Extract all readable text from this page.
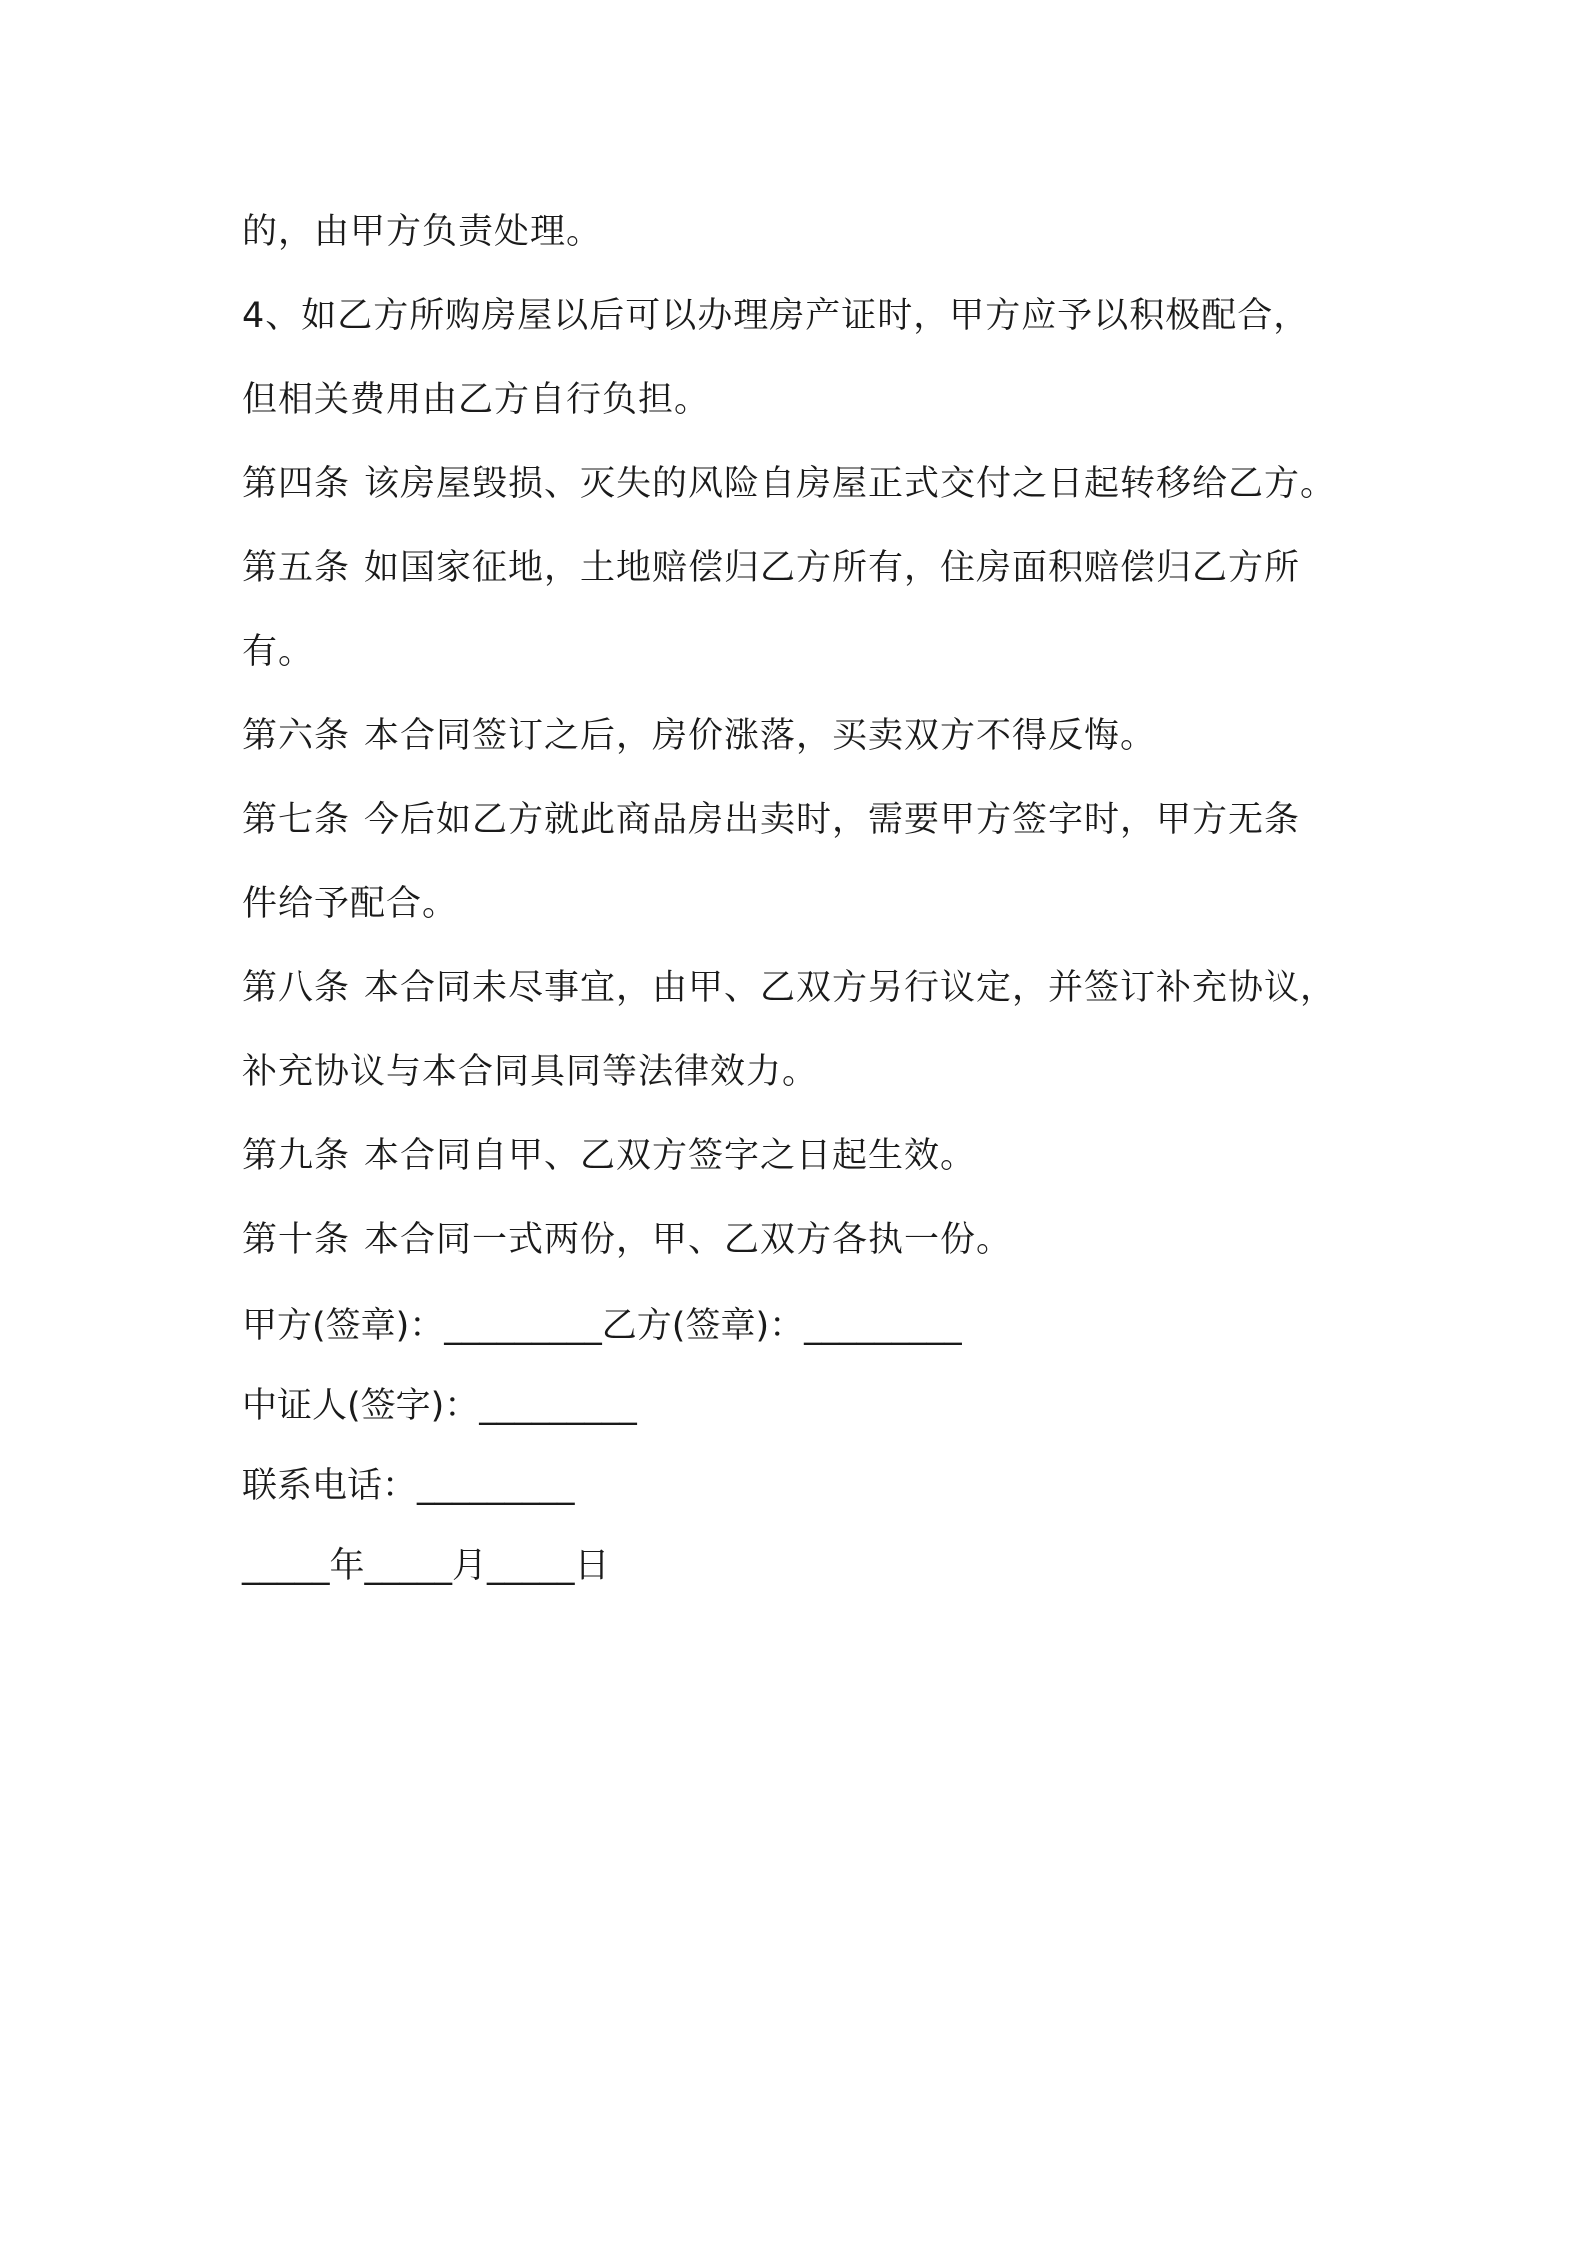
的，由甲方负责处理。
4、如乙方所购房屋以后可以办理房产证时，甲方应予以积极配合，
但相关费用由乙方自行负担。
第四条 该房屋毁损、灭失的风险自房屋正式交付之日起转移给乙方。
第五条 如国家征地，土地赔偿归乙方所有，住房面积赔偿归乙方所
有。
第六条 本合同签订之后，房价涨落，买卖双方不得反悔。
第七条 今后如乙方就此商品房出卖时，需要甲方签字时，甲方无条
件给予配合。
第八条 本合同未尽事宜，由甲、乙双方另行议定，并签订补充协议，
补充协议与本合同具同等法律效力。
第九条 本合同自甲、乙双方签字之日起生效。
第十条 本合同一式两份，甲、乙双方各执一份。
甲方(签章)：_________乙方(签章)：_________
中证人(签字)：_________
联系电话：_________
_____年_____月_____日
